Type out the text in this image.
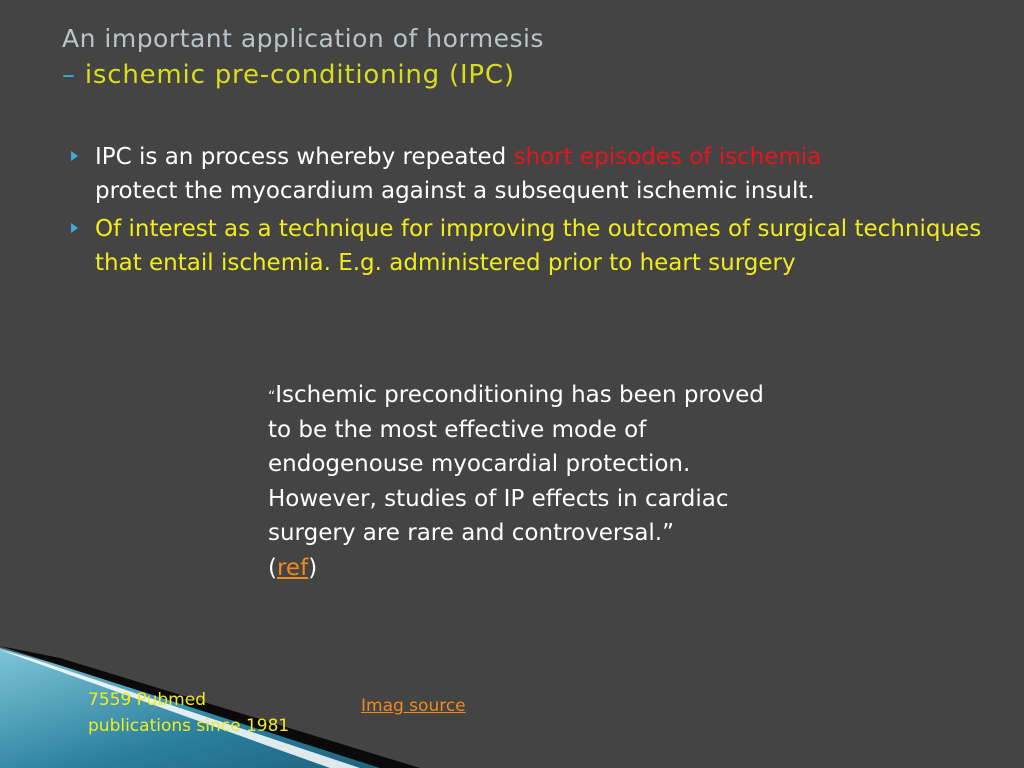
An important application of hormesis
– ischemic pre-conditioning (IPC)
IPC is an process whereby repeated short episodes of ischemia
protect the myocardium against a subsequent ischemic insult.
Of interest as a technique for improving the outcomes of surgical techniques that entail ischemia. E.g. administered prior to heart surgery
“Ischemic preconditioning has been proved to be the most effective mode of endogenouse myocardial protection. However, studies of IP effects in cardiac surgery are rare and controversal.”
(ref)
7559 Pubmed publications since 1981
Imag source
